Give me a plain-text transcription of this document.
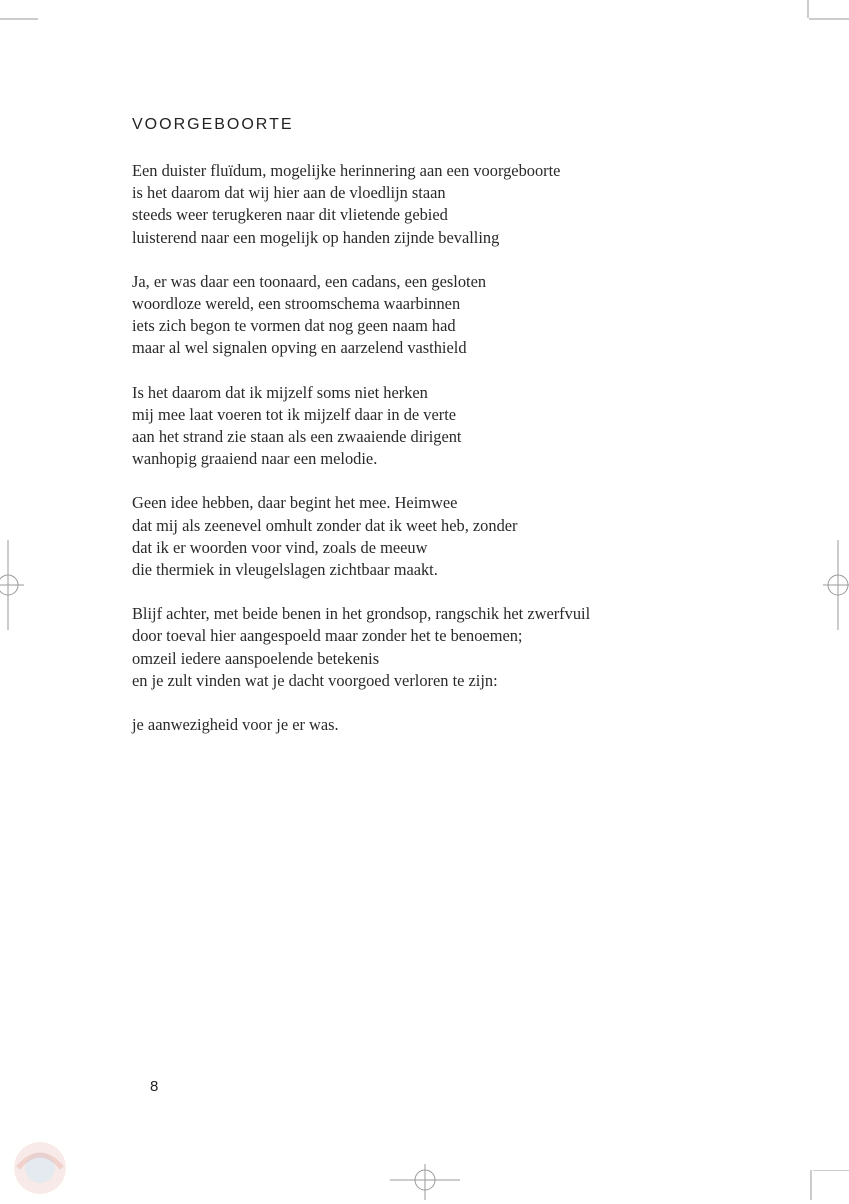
VOORGEBOORTE
Een duister fluïdum, mogelijke herinnering aan een voorgeboorte
is het daarom dat wij hier aan de vloedlijn staan
steeds weer terugkeren naar dit vlietende gebied
luisterend naar een mogelijk op handen zijnde bevalling
Ja, er was daar een toonaard, een cadans, een gesloten
woordloze wereld, een stroomschema waarbinnen
iets zich begon te vormen dat nog geen naam had
maar al wel signalen opving en aarzelend vasthield
Is het daarom dat ik mijzelf soms niet herken
mij mee laat voeren tot ik mijzelf daar in de verte
aan het strand zie staan als een zwaaiende dirigent
wanhopig graaiend naar een melodie.
Geen idee hebben, daar begint het mee. Heimwee
dat mij als zeenevel omhult zonder dat ik weet heb, zonder
dat ik er woorden voor vind, zoals de meeuw
die thermiek in vleugelslagen zichtbaar maakt.
Blijf achter, met beide benen in het grondsop, rangschik het zwerfvuil
door toeval hier aangespoeld maar zonder het te benoemen;
omzeil iedere aanspoelende betekenis
en je zult vinden wat je dacht voorgoed verloren te zijn:
je aanwezigheid voor je er was.
8
